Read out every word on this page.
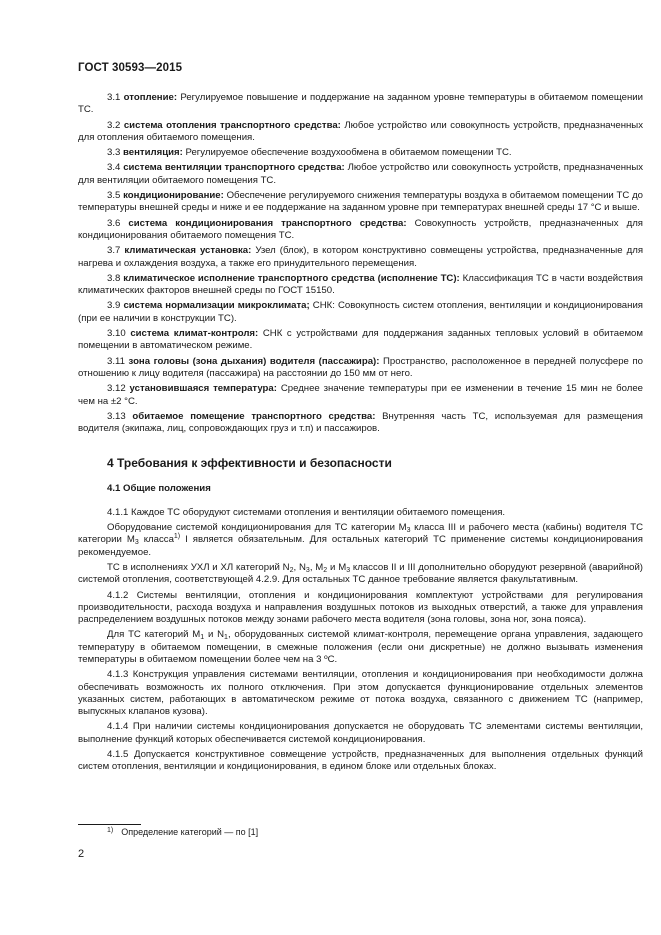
ГОСТ 30593—2015

3.1 отопление: Регулируемое повышение и поддержание на заданном уровне температуры в обитаемом помещении ТС.

3.2 система отопления транспортного средства: Любое устройство или совокупность устройств, предназначенных для отопления обитаемого помещения.

3.3 вентиляция: Регулируемое обеспечение воздухообмена в обитаемом помещении ТС.

3.4 система вентиляции транспортного средства: Любое устройство или совокупность устройств, предназначенных для вентиляции обитаемого помещения ТС.

3.5 кондиционирование: Обеспечение регулируемого снижения температуры воздуха в обитаемом помещении ТС до температуры внешней среды и ниже и ее поддержание на заданном уровне при температурах внешней среды 17 °С и выше.

3.6 система кондиционирования транспортного средства: Совокупность устройств, предназначенных для кондиционирования обитаемого помещения ТС.

3.7 климатическая установка: Узел (блок), в котором конструктивно совмещены устройства, предназначенные для нагрева и охлаждения воздуха, а также его принудительного перемещения.

3.8 климатическое исполнение транспортного средства (исполнение ТС): Классификация ТС в части воздействия климатических факторов внешней среды по ГОСТ 15150.

3.9 система нормализации микроклимата; СНК: Совокупность систем отопления, вентиляции и кондиционирования (при ее наличии в конструкции ТС).

3.10 система климат-контроля: СНК с устройствами для поддержания заданных тепловых условий в обитаемом помещении в автоматическом режиме.

3.11 зона головы (зона дыхания) водителя (пассажира): Пространство, расположенное в передней полусфере по отношению к лицу водителя (пассажира) на расстоянии до 150 мм от него.

3.12 установившаяся температура: Среднее значение температуры при ее изменении в течение 15 мин не более чем на ±2 °С.

3.13 обитаемое помещение транспортного средства: Внутренняя часть ТС, используемая для размещения водителя (экипажа, лиц, сопровождающих груз и т.п) и пассажиров.

4 Требования к эффективности и безопасности
4.1 Общие положения

4.1.1 Каждое ТС оборудуют системами отопления и вентиляции обитаемого помещения.

Оборудование системой кондиционирования для ТС категории $М_3$ класса III и рабочего места (кабины) водителя ТС категории $М_3$ класса$^{1)}$ I является обязательным. Для остальных категорий ТС применение системы кондиционирования рекомендуемое.

ТС в исполнениях УХЛ и ХЛ категорий $N_2$, $N_3$, $М_2$ и $М_3$ классов II и III дополнительно оборудуют резервной (аварийной) системой отопления, соответствующей 4.2.9. Для остальных ТС данное требование является факультативным.

4.1.2 Системы вентиляции, отопления и кондиционирования комплектуют устройствами для регулирования производительности, расхода воздуха и направления воздушных потоков из выходных отверстий, а также для управления распределением воздушных потоков между зонами рабочего места водителя (зона головы, зона ног, зона пояса).

Для ТС категорий $М_1$ и $N_1$, оборудованных системой климат-контроля, перемещение органа управления, задающего температуру в обитаемом помещении, в смежные положения (если они дискретные) не должно вызывать изменения температуры в обитаемом помещении более чем на 3 ºС.

4.1.3 Конструкция управления системами вентиляции, отопления и кондиционирования при необходимости должна обеспечивать возможность их полного отключения. При этом допускается функционирование отдельных элементов указанных систем, работающих в автоматическом режиме от потока воздуха, связанного с движением ТС (например, выпускных клапанов кузова).

4.1.4 При наличии системы кондиционирования допускается не оборудовать ТС элементами системы вентиляции, выполнение функций которых обеспечивается системой кондиционирования.

4.1.5 Допускается конструктивное совмещение устройств, предназначенных для выполнения отдельных функций систем отопления, вентиляции и кондиционирования, в едином блоке или отдельных блоках.

$^{1)}$ Определение категорий — по [1]
2
